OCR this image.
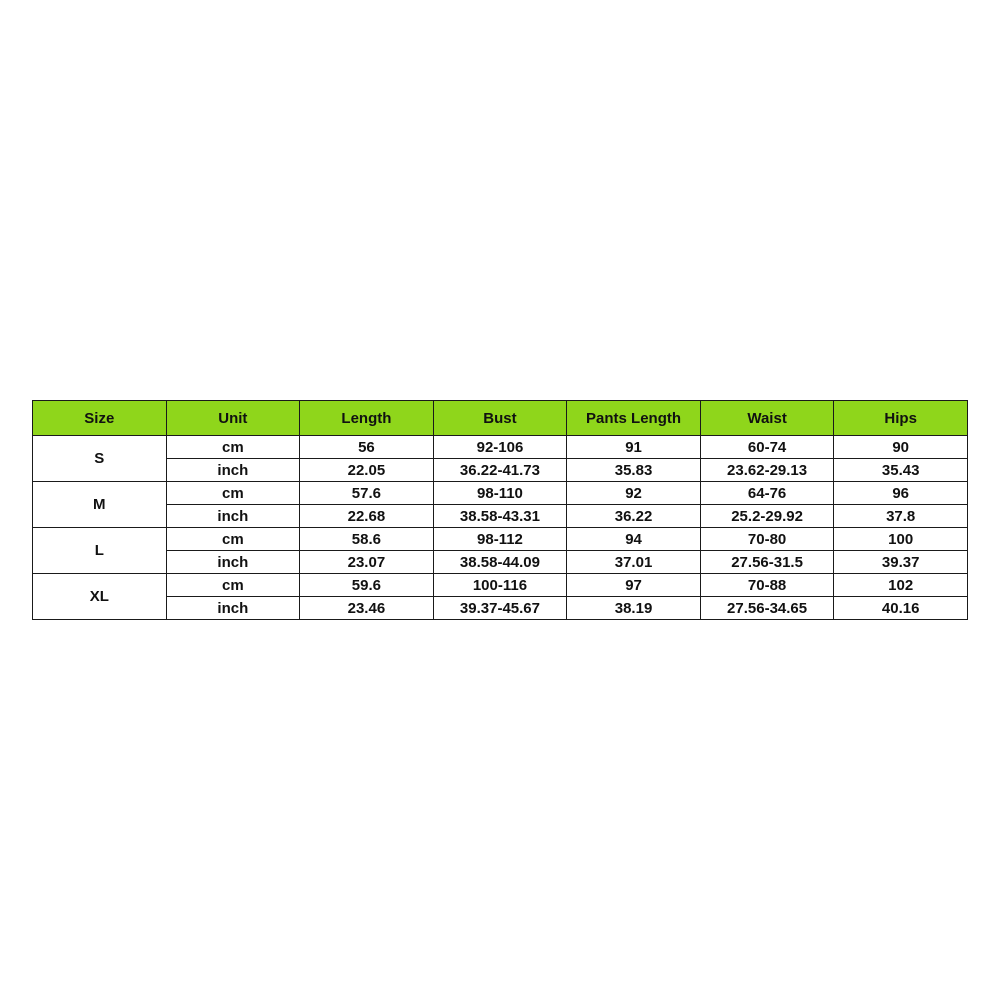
Size	Unit	Length	Bust	Pants Length	Waist	Hips
S	cm	56	92-106	91	60-74	90
	inch	22.05	36.22-41.73	35.83	23.62-29.13	35.43
M	cm	57.6	98-110	92	64-76	96
	inch	22.68	38.58-43.31	36.22	25.2-29.92	37.8
L	cm	58.6	98-112	94	70-80	100
	inch	23.07	38.58-44.09	37.01	27.56-31.5	39.37
XL	cm	59.6	100-116	97	70-88	102
	inch	23.46	39.37-45.67	38.19	27.56-34.65	40.16
